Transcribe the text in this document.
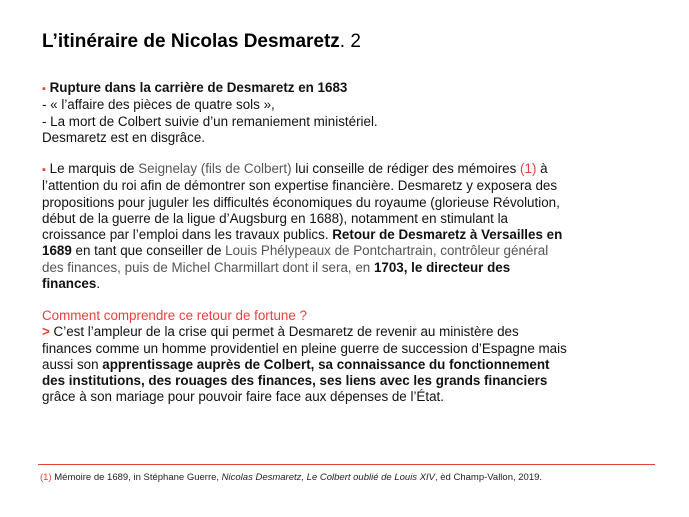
L’itinéraire de Nicolas Desmaretz. 2
▪ Rupture dans la carrière de Desmaretz en 1683
- « l’affaire des pièces de quatre sols »,
- La mort de Colbert suivie d’un remaniement ministériel.
Desmaretz est en disgrâce.
▪ Le marquis de Seignelay (fils de Colbert) lui conseille de rédiger des mémoires (1) à
l’attention du roi afin de démontrer son expertise financière. Desmaretz y exposera des
propositions pour juguler les difficultés économiques du royaume (glorieuse Révolution,
début de la guerre de la ligue d’Augsburg en 1688), notamment en stimulant la
croissance par l’emploi dans les travaux publics. Retour de Desmaretz à Versailles en
1689 en tant que conseiller de Louis Phélypeaux de Pontchartrain, contrôleur général
des finances, puis de Michel Charmillart dont il sera, en 1703, le directeur des
finances.
Comment comprendre ce retour de fortune ?
> C’est l’ampleur de la crise qui permet à Desmaretz de revenir au ministère des
finances comme un homme providentiel en pleine guerre de succession d’Espagne mais
aussi son apprentissage auprès de Colbert, sa connaissance du fonctionnement
des institutions, des rouages des finances, ses liens avec les grands financiers
grâce à son mariage pour pouvoir faire face aux dépenses de l’État.
(1) Mémoire de 1689, in Stéphane Guerre, Nicolas Desmaretz, Le Colbert oublié de Louis XIV, èd Champ-Vallon, 2019.
